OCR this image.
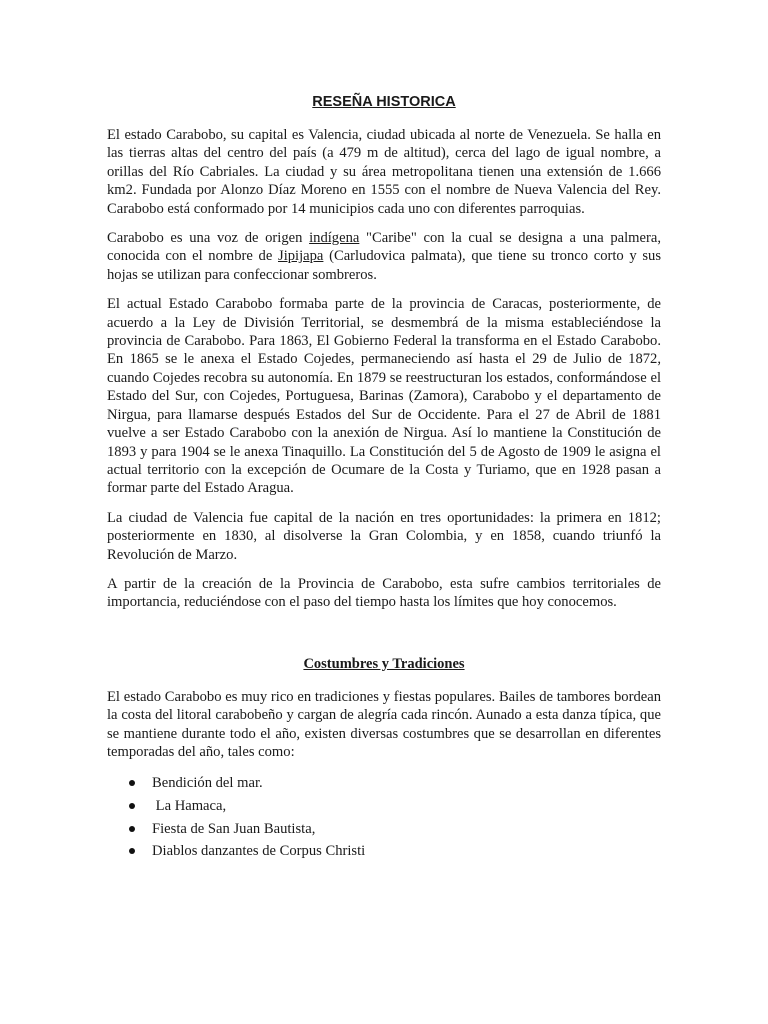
RESEÑA HISTORICA

El estado Carabobo, su capital es Valencia, ciudad ubicada al norte de Venezuela. Se halla en las tierras altas del centro del país (a 479 m de altitud), cerca del lago de igual nombre, a orillas del Río Cabriales. La ciudad y su área metropolitana tienen una extensión de 1.666 km2. Fundada por Alonzo Díaz Moreno en 1555 con el nombre de Nueva Valencia del Rey. Carabobo está conformado por 14 municipios cada uno con diferentes parroquias.

Carabobo es una voz de origen indígena "Caribe" con la cual se designa a una palmera, conocida con el nombre de Jipijapa (Carludovica palmata), que tiene su tronco corto y sus hojas se utilizan para confeccionar sombreros.

El actual Estado Carabobo formaba parte de la provincia de Caracas, posteriormente, de acuerdo a la Ley de División Territorial, se desmembrá de la misma estableciéndose la provincia de Carabobo. Para 1863, El Gobierno Federal la transforma en el Estado Carabobo. En 1865 se le anexa el Estado Cojedes, permaneciendo así hasta el 29 de Julio de 1872, cuando Cojedes recobra su autonomía. En 1879 se reestructuran los estados, conformándose el Estado del Sur, con Cojedes, Portuguesa, Barinas (Zamora), Carabobo y el departamento de Nirgua, para llamarse después Estados del Sur de Occidente. Para el 27 de Abril de 1881 vuelve a ser Estado Carabobo con la anexión de Nirgua. Así lo mantiene la Constitución de 1893 y para 1904 se le anexa Tinaquillo. La Constitución del 5 de Agosto de 1909 le asigna el actual territorio con la excepción de Ocumare de la Costa y Turiamo, que en 1928 pasan a formar parte del Estado Aragua.

La ciudad de Valencia fue capital de la nación en tres oportunidades: la primera en 1812; posteriormente en 1830, al disolverse la Gran Colombia, y en 1858, cuando triunfó la Revolución de Marzo.

A partir de la creación de la Provincia de Carabobo, esta sufre cambios territoriales de importancia, reduciéndose con el paso del tiempo hasta los límites que hoy conocemos.

Costumbres y Tradiciones

El estado Carabobo es muy rico en tradiciones y fiestas populares. Bailes de tambores bordean la costa del litoral carabobeño y cargan de alegría cada rincón. Aunado a esta danza típica, que se mantiene durante todo el año, existen diversas costumbres que se desarrollan en diferentes temporadas del año, tales como:

Bendición del mar.
La Hamaca,
Fiesta de San Juan Bautista,
Diablos danzantes de Corpus Christi
